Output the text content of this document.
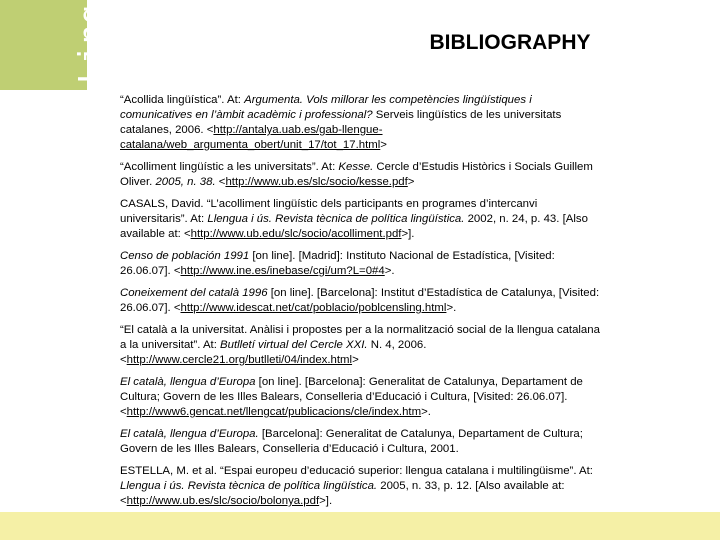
Ling

Cat

	BIBLIOGRAPHY

“Acollida lingüística”. At: Argumenta. Vols millorar les competències lingüístiques i comunicatives en l’àmbit acadèmic i professional? Serveis lingüístics de les universitats catalanes, 2006. <http://antalya.uab.es/gab-llengue-catalana/web_argumenta_obert/unit_17/tot_17.html>

“Acolliment lingüístic a les universitats”. At: Kesse. Cercle d’Estudis Històrics i Socials Guillem Oliver. 2005, n. 38. <http://www.ub.es/slc/socio/kesse.pdf>

CASALS, David. “L’acolliment lingüístic dels participants en programes d’intercanvi universitaris”. At: Llengua i ús. Revista tècnica de política lingüística. 2002, n. 24, p. 43. [Also available at: <http://www.ub.edu/slc/socio/acolliment.pdf>].

Censo de población 1991 [on line]. [Madrid]: Instituto Nacional de Estadística, [Visited: 26.06.07]. <http://www.ine.es/inebase/cgi/um?L=0#4>.

Coneixement del català 1996 [on line]. [Barcelona]: Institut d’Estadística de Catalunya, [Visited: 26.06.07]. <http://www.idescat.net/cat/poblacio/poblcensling.html>.

“El català a la universitat. Anàlisi i propostes per a la normalització social de la llengua catalana a la universitat”. At: Butlletí virtual del Cercle XXI. N. 4, 2006.<http://www.cercle21.org/butlleti/04/index.html>

El català, llengua d’Europa [on line]. [Barcelona]: Generalitat de Catalunya, Departament de Cultura; Govern de les Illes Balears, Conselleria d’Educació i Cultura, [Visited: 26.06.07]. <http://www6.gencat.net/llengcat/publicacions/cle/index.htm>.

El català, llengua d’Europa. [Barcelona]: Generalitat de Catalunya, Departament de Cultura; Govern de les Illes Balears, Conselleria d’Educació i Cultura, 2001.

ESTELLA, M. et al. “Espai europeu d’educació superior: llengua catalana i multilingüisme”. At: Llengua i ús. Revista tècnica de política lingüística. 2005, n. 33, p. 12. [Also available at: <http://www.ub.es/slc/socio/bolonya.pdf>].
